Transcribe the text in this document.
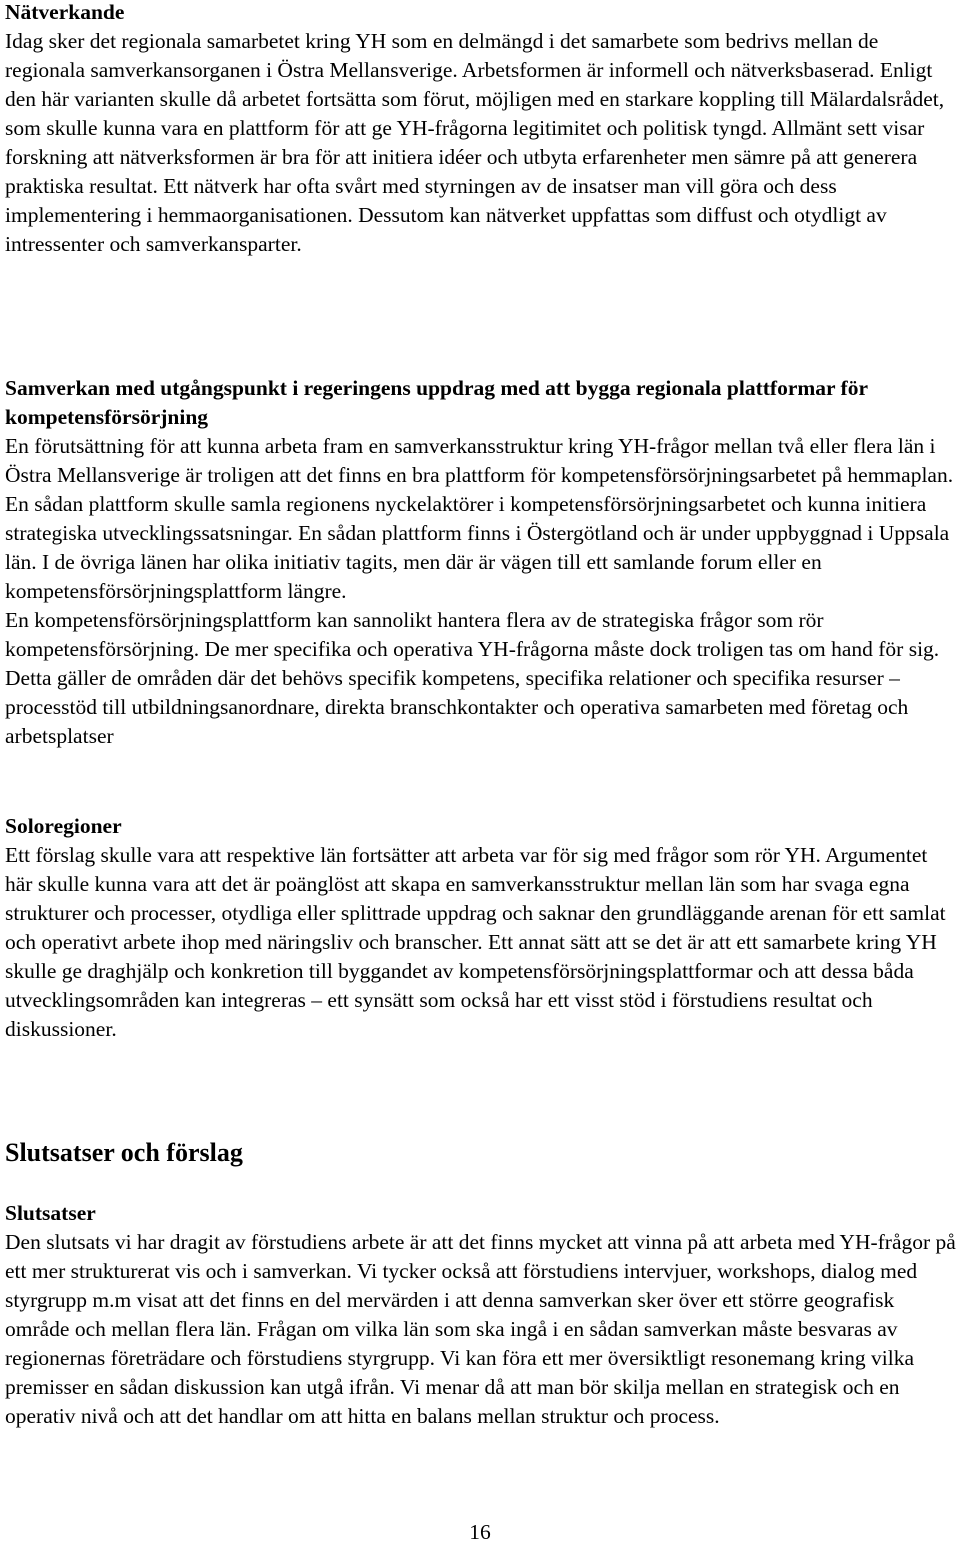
Nätverkande
Idag sker det regionala samarbetet kring YH som en delmängd i det samarbete som bedrivs mellan de regionala samverkansorganen i Östra Mellansverige. Arbetsformen är informell och nätverksbaserad. Enligt den här varianten skulle då arbetet fortsätta som förut, möjligen med en starkare koppling till Mälardalsrådet, som skulle kunna vara en plattform för att ge YH-frågorna legitimitet och politisk tyngd. Allmänt sett visar forskning att nätverksformen är bra för att initiera idéer och utbyta erfarenheter men sämre på att generera praktiska resultat. Ett nätverk har ofta svårt med styrningen av de insatser man vill göra och dess implementering i hemmaorganisationen. Dessutom kan nätverket uppfattas som diffust och otydligt av intressenter och samverkansparter.
Samverkan med utgångspunkt i regeringens uppdrag med att bygga regionala plattformar för kompetensförsörjning
En förutsättning för att kunna arbeta fram en samverkansstruktur kring YH-frågor mellan två eller flera län i Östra Mellansverige är troligen att det finns en bra plattform för kompetensförsörjningsarbetet på hemmaplan. En sådan plattform skulle samla regionens nyckelaktörer i kompetensförsörjningsarbetet och kunna initiera strategiska utvecklingssatsningar. En sådan plattform finns i Östergötland och är under uppbyggnad i Uppsala län. I de övriga länen har olika initiativ tagits, men där är vägen till ett samlande forum eller en kompetensförsörjningsplattform längre.
En kompetensförsörjningsplattform kan sannolikt hantera flera av de strategiska frågor som rör kompetensförsörjning. De mer specifika och operativa YH-frågorna måste dock troligen tas om hand för sig. Detta gäller de områden där det behövs specifik kompetens, specifika relationer och specifika resurser – processtöd till utbildningsanordnare, direkta branschkontakter och operativa samarbeten med företag och arbetsplatser
Soloregioner
Ett förslag skulle vara att respektive län fortsätter att arbeta var för sig med frågor som rör YH. Argumentet här skulle kunna vara att det är poänglöst att skapa en samverkansstruktur mellan län som har svaga egna strukturer och processer, otydliga eller splittrade uppdrag och saknar den grundläggande arenan för ett samlat och operativt arbete ihop med näringsliv och branscher. Ett annat sätt att se det är att ett samarbete kring YH skulle ge draghjälp och konkretion till byggandet av kompetensförsörjningsplattformar och att dessa båda utvecklingsområden kan integreras – ett synsätt som också har ett visst stöd i förstudiens resultat och diskussioner.
Slutsatser och förslag
Slutsatser
Den slutsats vi har dragit av förstudiens arbete är att det finns mycket att vinna på att arbeta med YH-frågor på ett mer strukturerat vis och i samverkan. Vi tycker också att förstudiens intervjuer, workshops, dialog med styrgrupp m.m visat att det finns en del mervärden i att denna samverkan sker över ett större geografisk område och mellan flera län. Frågan om vilka län som ska ingå i en sådan samverkan måste besvaras av regionernas företrädare och förstudiens styrgrupp. Vi kan föra ett mer översiktligt resonemang kring vilka premisser en sådan diskussion kan utgå ifrån. Vi menar då att man bör skilja mellan en strategisk och en operativ nivå och att det handlar om att hitta en balans mellan struktur och process.
16
